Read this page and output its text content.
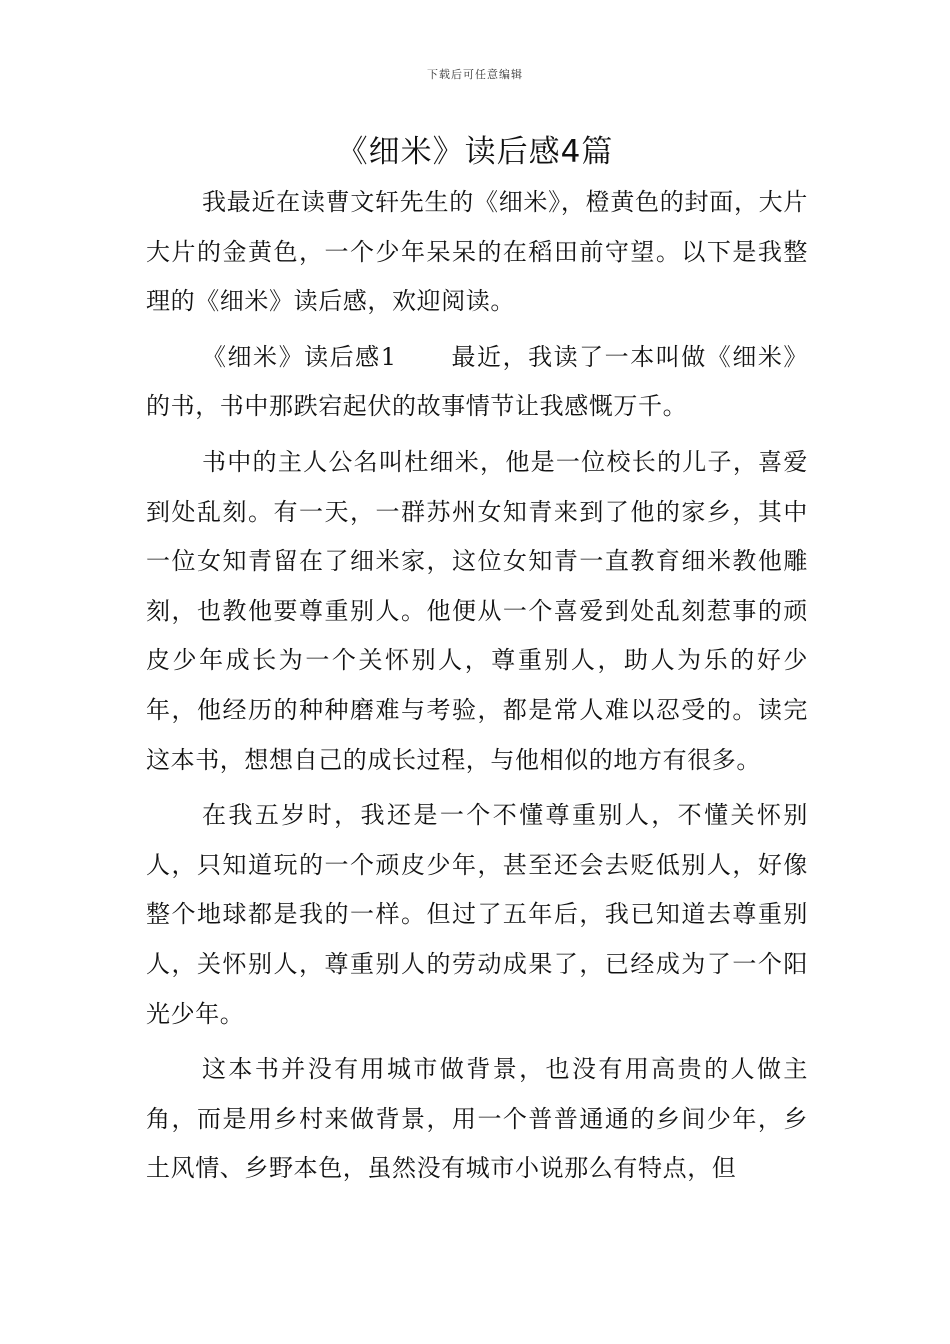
下载后可任意编辑
《细米》读后感4篇

我最近在读曹文轩先生的《细米》，橙黄色的封面，大片大片的金黄色，一个少年呆呆的在稻田前守望。以下是我整理的《细米》读后感，欢迎阅读。

《细米》读后感1 最近，我读了一本叫做《细米》的书，书中那跌宕起伏的故事情节让我感慨万千。

书中的主人公名叫杜细米，他是一位校长的儿子，喜爱到处乱刻。有一天，一群苏州女知青来到了他的家乡，其中一位女知青留在了细米家，这位女知青一直教育细米教他雕刻，也教他要尊重别人。他便从一个喜爱到处乱刻惹事的顽皮少年成长为一个关怀别人，尊重别人，助人为乐的好少年，他经历的种种磨难与考验，都是常人难以忍受的。读完这本书，想想自己的成长过程，与他相似的地方有很多。

在我五岁时，我还是一个不懂尊重别人，不懂关怀别人，只知道玩的一个顽皮少年，甚至还会去贬低别人，好像整个地球都是我的一样。但过了五年后，我已知道去尊重别人，关怀别人，尊重别人的劳动成果了，已经成为了一个阳光少年。

这本书并没有用城市做背景，也没有用高贵的人做主角，而是用乡村来做背景，用一个普普通通的乡间少年，乡土风情、乡野本色，虽然没有城市小说那么有特点，但
